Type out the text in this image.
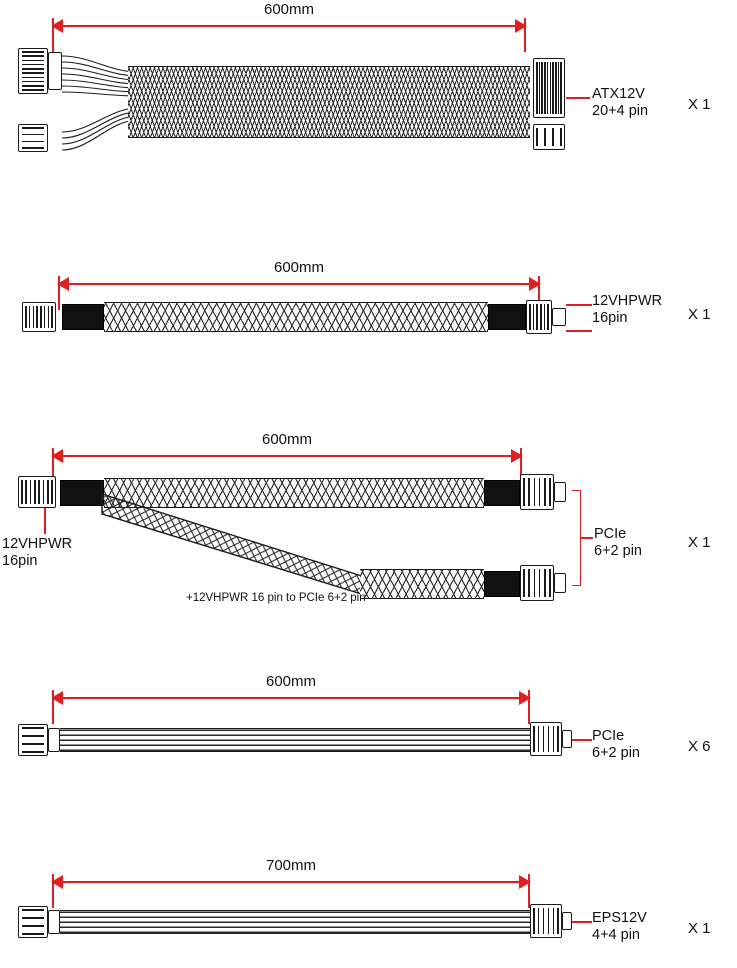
600mm
ATX12V
20+4 pin	X 1
600mm
12VHPWR
16pin	X 1
600mm
PCIe
6+2 pin	X 1
12VHPWR
16pin
+12VHPWR 16 pin to PCIe 6+2 pin
600mm
PCIe
6+2 pin	X 6
700mm
EPS12V
4+4 pin	X 1
